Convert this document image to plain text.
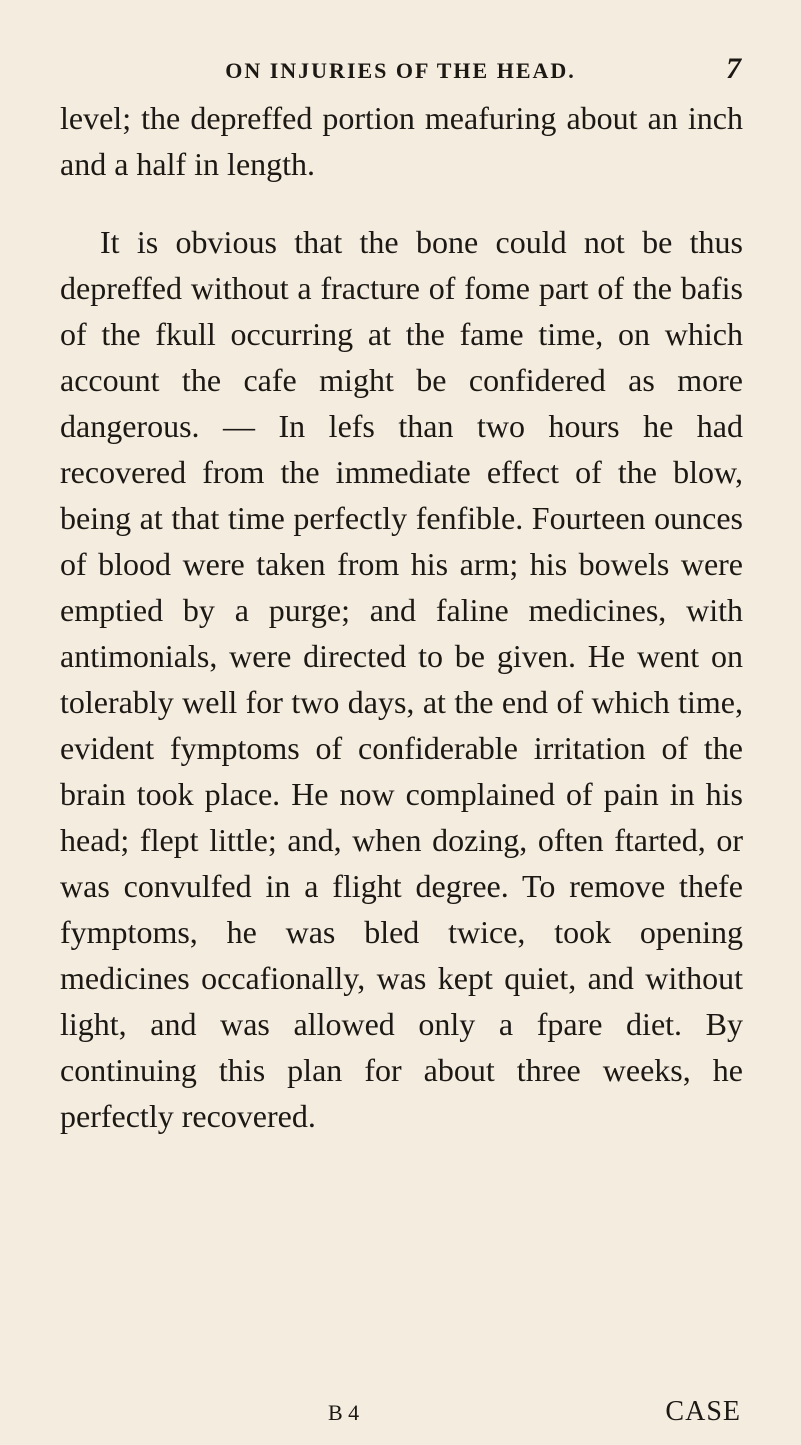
ON INJURIES OF THE HEAD.	7

level; the depreffed portion meafuring about an inch and a half in length.

It is obvious that the bone could not be thus depreffed without a fracture of fome part of the bafis of the fkull occurring at the fame time, on which account the cafe might be confidered as more dangerous. — In lefs than two hours he had recovered from the immediate effect of the blow, being at that time perfectly fenfible. Fourteen ounces of blood were taken from his arm; his bowels were emptied by a purge; and faline medicines, with antimonials, were directed to be given. He went on tolerably well for two days, at the end of which time, evident fymptoms of confiderable irritation of the brain took place. He now complained of pain in his head; flept little; and, when dozing, often ftarted, or was convulfed in a flight degree. To remove thefe fymptoms, he was bled twice, took opening medicines occafionally, was kept quiet, and without light, and was allowed only a fpare diet. By continuing this plan for about three weeks, he perfectly recovered.

B 4	CASE
